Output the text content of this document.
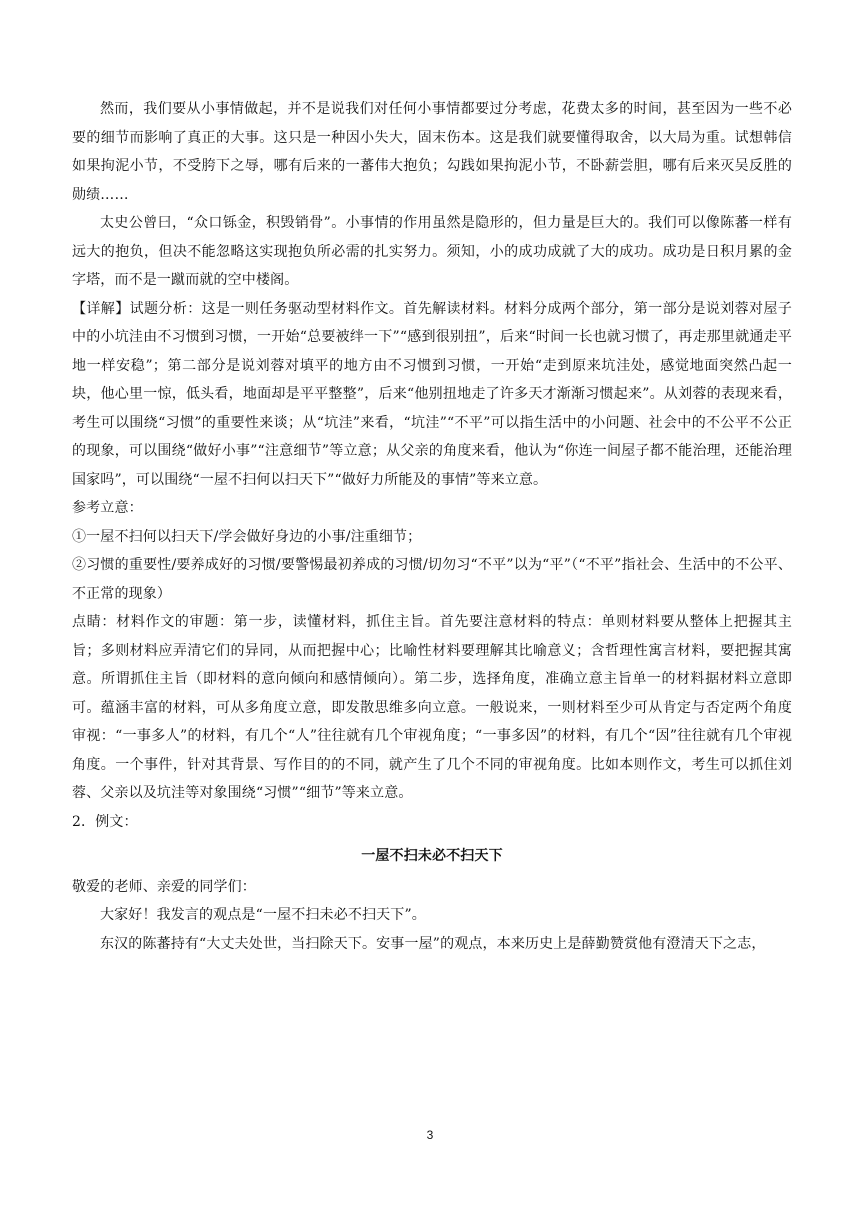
然而，我们要从小事情做起，并不是说我们对任何小事情都要过分考虑，花费太多的时间，甚至因为一些不必要的细节而影响了真正的大事。这只是一种因小失大，固末伤本。这是我们就要懂得取舍，以大局为重。试想韩信如果拘泥小节，不受胯下之辱，哪有后来的一蕃伟大抱负；勾践如果拘泥小节，不卧薪尝胆，哪有后来灭吴反胜的勋绩……

太史公曾曰，“众口铄金，积毁销骨”。小事情的作用虽然是隐形的，但力量是巨大的。我们可以像陈蕃一样有远大的抱负，但决不能忽略这实现抱负所必需的扎实努力。须知，小的成功成就了大的成功。成功是日积月累的金字塔，而不是一蹴而就的空中楼阁。

【详解】试题分析：这是一则任务驱动型材料作文。首先解读材料。材料分成两个部分，第一部分是说刘蓉对屋子中的小坑洼由不习惯到习惯，一开始“总要被绊一下”“感到很别扭”，后来“时间一长也就习惯了，再走那里就通走平地一样安稳”；第二部分是说刘蓉对填平的地方由不习惯到习惯，一开始“走到原来坑洼处，感觉地面突然凸起一块，他心里一惊，低头看，地面却是平平整整”，后来“他别扭地走了许多天才渐渐习惯起来”。从刘蓉的表现来看，考生可以围绕“习惯”的重要性来谈；从“坑洼”来看，“坑洼”“不平”可以指生活中的小问题、社会中的不公平不公正的现象，可以围绕“做好小事”“注意细节”等立意；从父亲的角度来看，他认为“你连一间屋子都不能治理，还能治理国家吗”，可以围绕“一屋不扫何以扫天下”“做好力所能及的事情”等来立意。

参考立意：

①一屋不扫何以扫天下/学会做好身边的小事/注重细节；

②习惯的重要性/要养成好的习惯/要警惕最初养成的习惯/切勿习“不平”以为“平”（“不平”指社会、生活中的不公平、不正常的现象）

点睛：材料作文的审题：第一步，读懂材料，抓住主旨。首先要注意材料的特点：单则材料要从整体上把握其主旨；多则材料应弄清它们的异同，从而把握中心；比喻性材料要理解其比喻意义；含哲理性寓言材料，要把握其寓意。所谓抓住主旨（即材料的意向倾向和感情倾向）。第二步，选择角度，准确立意主旨单一的材料据材料立意即可。蕴涵丰富的材料，可从多角度立意，即发散思维多向立意。一般说来，一则材料至少可从肯定与否定两个角度审视：“一事多人”的材料，有几个“人”往往就有几个审视角度；“一事多因”的材料，有几个“因”往往就有几个审视角度。一个事件，针对其背景、写作目的的不同，就产生了几个不同的审视角度。比如本则作文，考生可以抓住刘蓉、父亲以及坑洼等对象围绕“习惯”“细节”等来立意。

2．例文：

一屋不扫未必不扫天下

敬爱的老师、亲爱的同学们：

大家好！我发言的观点是“一屋不扫未必不扫天下”。

东汉的陈蕃持有“大丈夫处世，当扫除天下。安事一屋”的观点，本来历史上是薛勤赞赏他有澄清天下之志，

3
